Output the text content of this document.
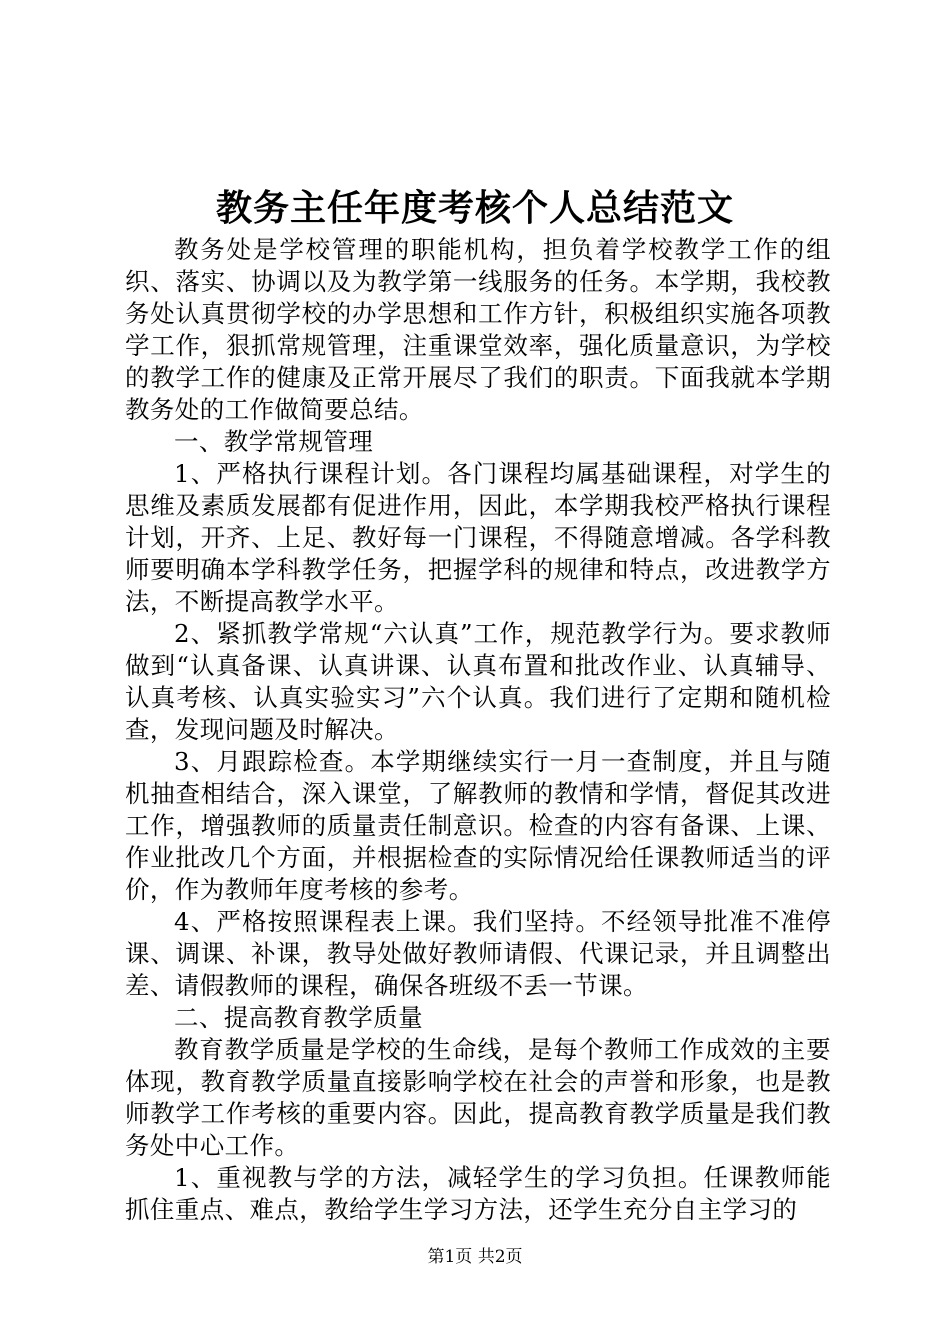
教务主任年度考核个人总结范文

教务处是学校管理的职能机构，担负着学校教学工作的组织、落实、协调以及为教学第一线服务的任务。本学期，我校教务处认真贯彻学校的办学思想和工作方针，积极组织实施各项教学工作，狠抓常规管理，注重课堂效率，强化质量意识，为学校的教学工作的健康及正常开展尽了我们的职责。下面我就本学期教务处的工作做简要总结。

一、教学常规管理

1、严格执行课程计划。各门课程均属基础课程，对学生的思维及素质发展都有促进作用，因此，本学期我校严格执行课程计划，开齐、上足、教好每一门课程，不得随意增减。各学科教师要明确本学科教学任务，把握学科的规律和特点，改进教学方法，不断提高教学水平。

2、紧抓教学常规“六认真”工作，规范教学行为。要求教师做到“认真备课、认真讲课、认真布置和批改作业、认真辅导、认真考核、认真实验实习”六个认真。我们进行了定期和随机检查，发现问题及时解决。

3、月跟踪检查。本学期继续实行一月一查制度，并且与随机抽查相结合，深入课堂，了解教师的教情和学情，督促其改进工作，增强教师的质量责任制意识。检查的内容有备课、上课、作业批改几个方面，并根据检查的实际情况给任课教师适当的评价，作为教师年度考核的参考。

4、严格按照课程表上课。我们坚持。不经领导批准不准停课、调课、补课，教导处做好教师请假、代课记录，并且调整出差、请假教师的课程，确保各班级不丢一节课。

二、提高教育教学质量

教育教学质量是学校的生命线，是每个教师工作成效的主要体现，教育教学质量直接影响学校在社会的声誉和形象，也是教师教学工作考核的重要内容。因此，提高教育教学质量是我们教务处中心工作。

1、重视教与学的方法，减轻学生的学习负担。任课教师能抓住重点、难点，教给学生学习方法，还学生充分自主学习的

第1页 共2页
